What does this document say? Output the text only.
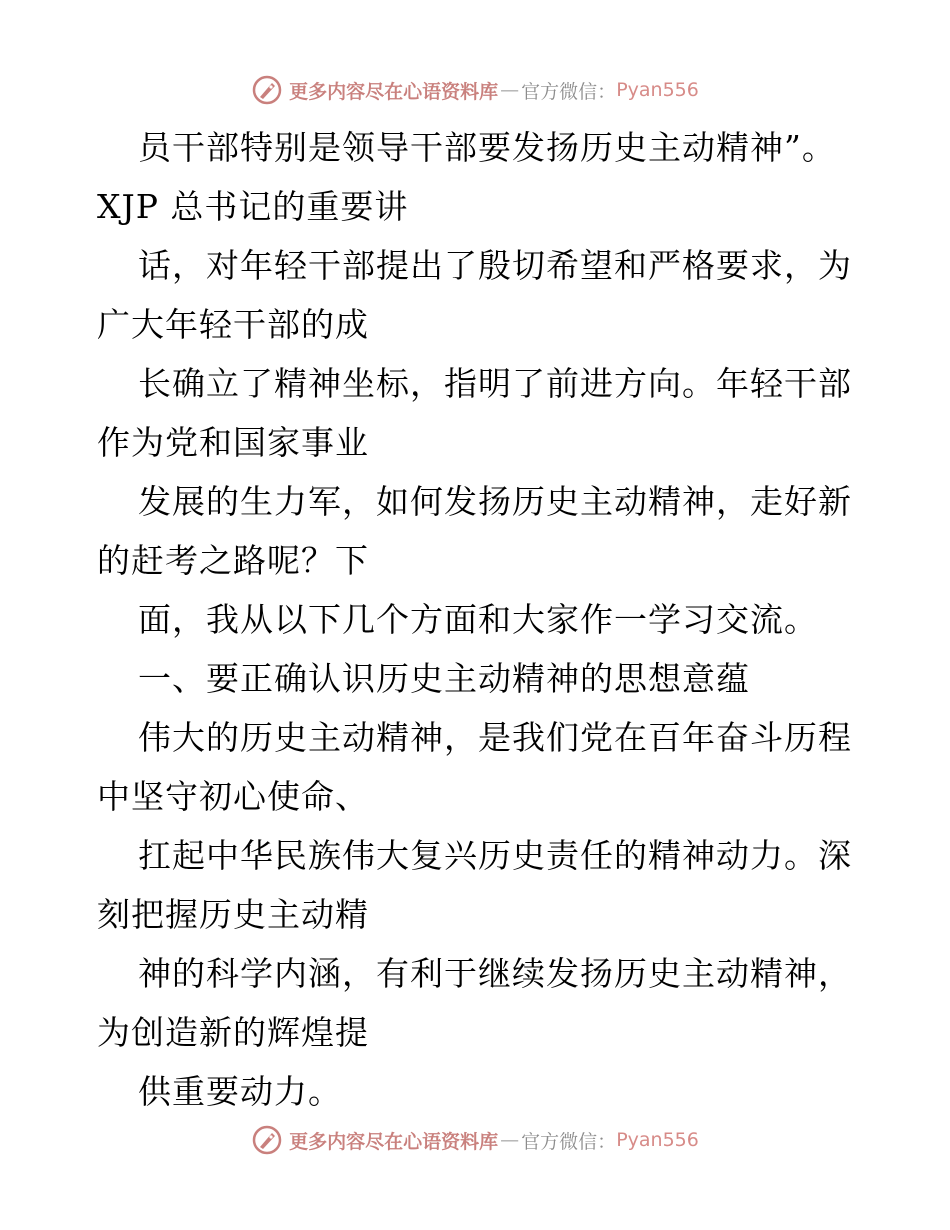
更多内容尽在心语资料库 — 官方微信： Pyan556
员干部特别是领导干部要发扬历史主动精神”。
XJP 总书记的重要讲
话，对年轻干部提出了殷切希望和严格要求，为
广大年轻干部的成
长确立了精神坐标，指明了前进方向。年轻干部
作为党和国家事业
发展的生力军，如何发扬历史主动精神，走好新
的赶考之路呢？下
面，我从以下几个方面和大家作一学习交流。
一、要正确认识历史主动精神的思想意蕴
伟大的历史主动精神，是我们党在百年奋斗历程
中坚守初心使命、
扛起中华民族伟大复兴历史责任的精神动力。深
刻把握历史主动精
神的科学内涵，有利于继续发扬历史主动精神，
为创造新的辉煌提
供重要动力。
更多内容尽在心语资料库 — 官方微信： Pyan556
